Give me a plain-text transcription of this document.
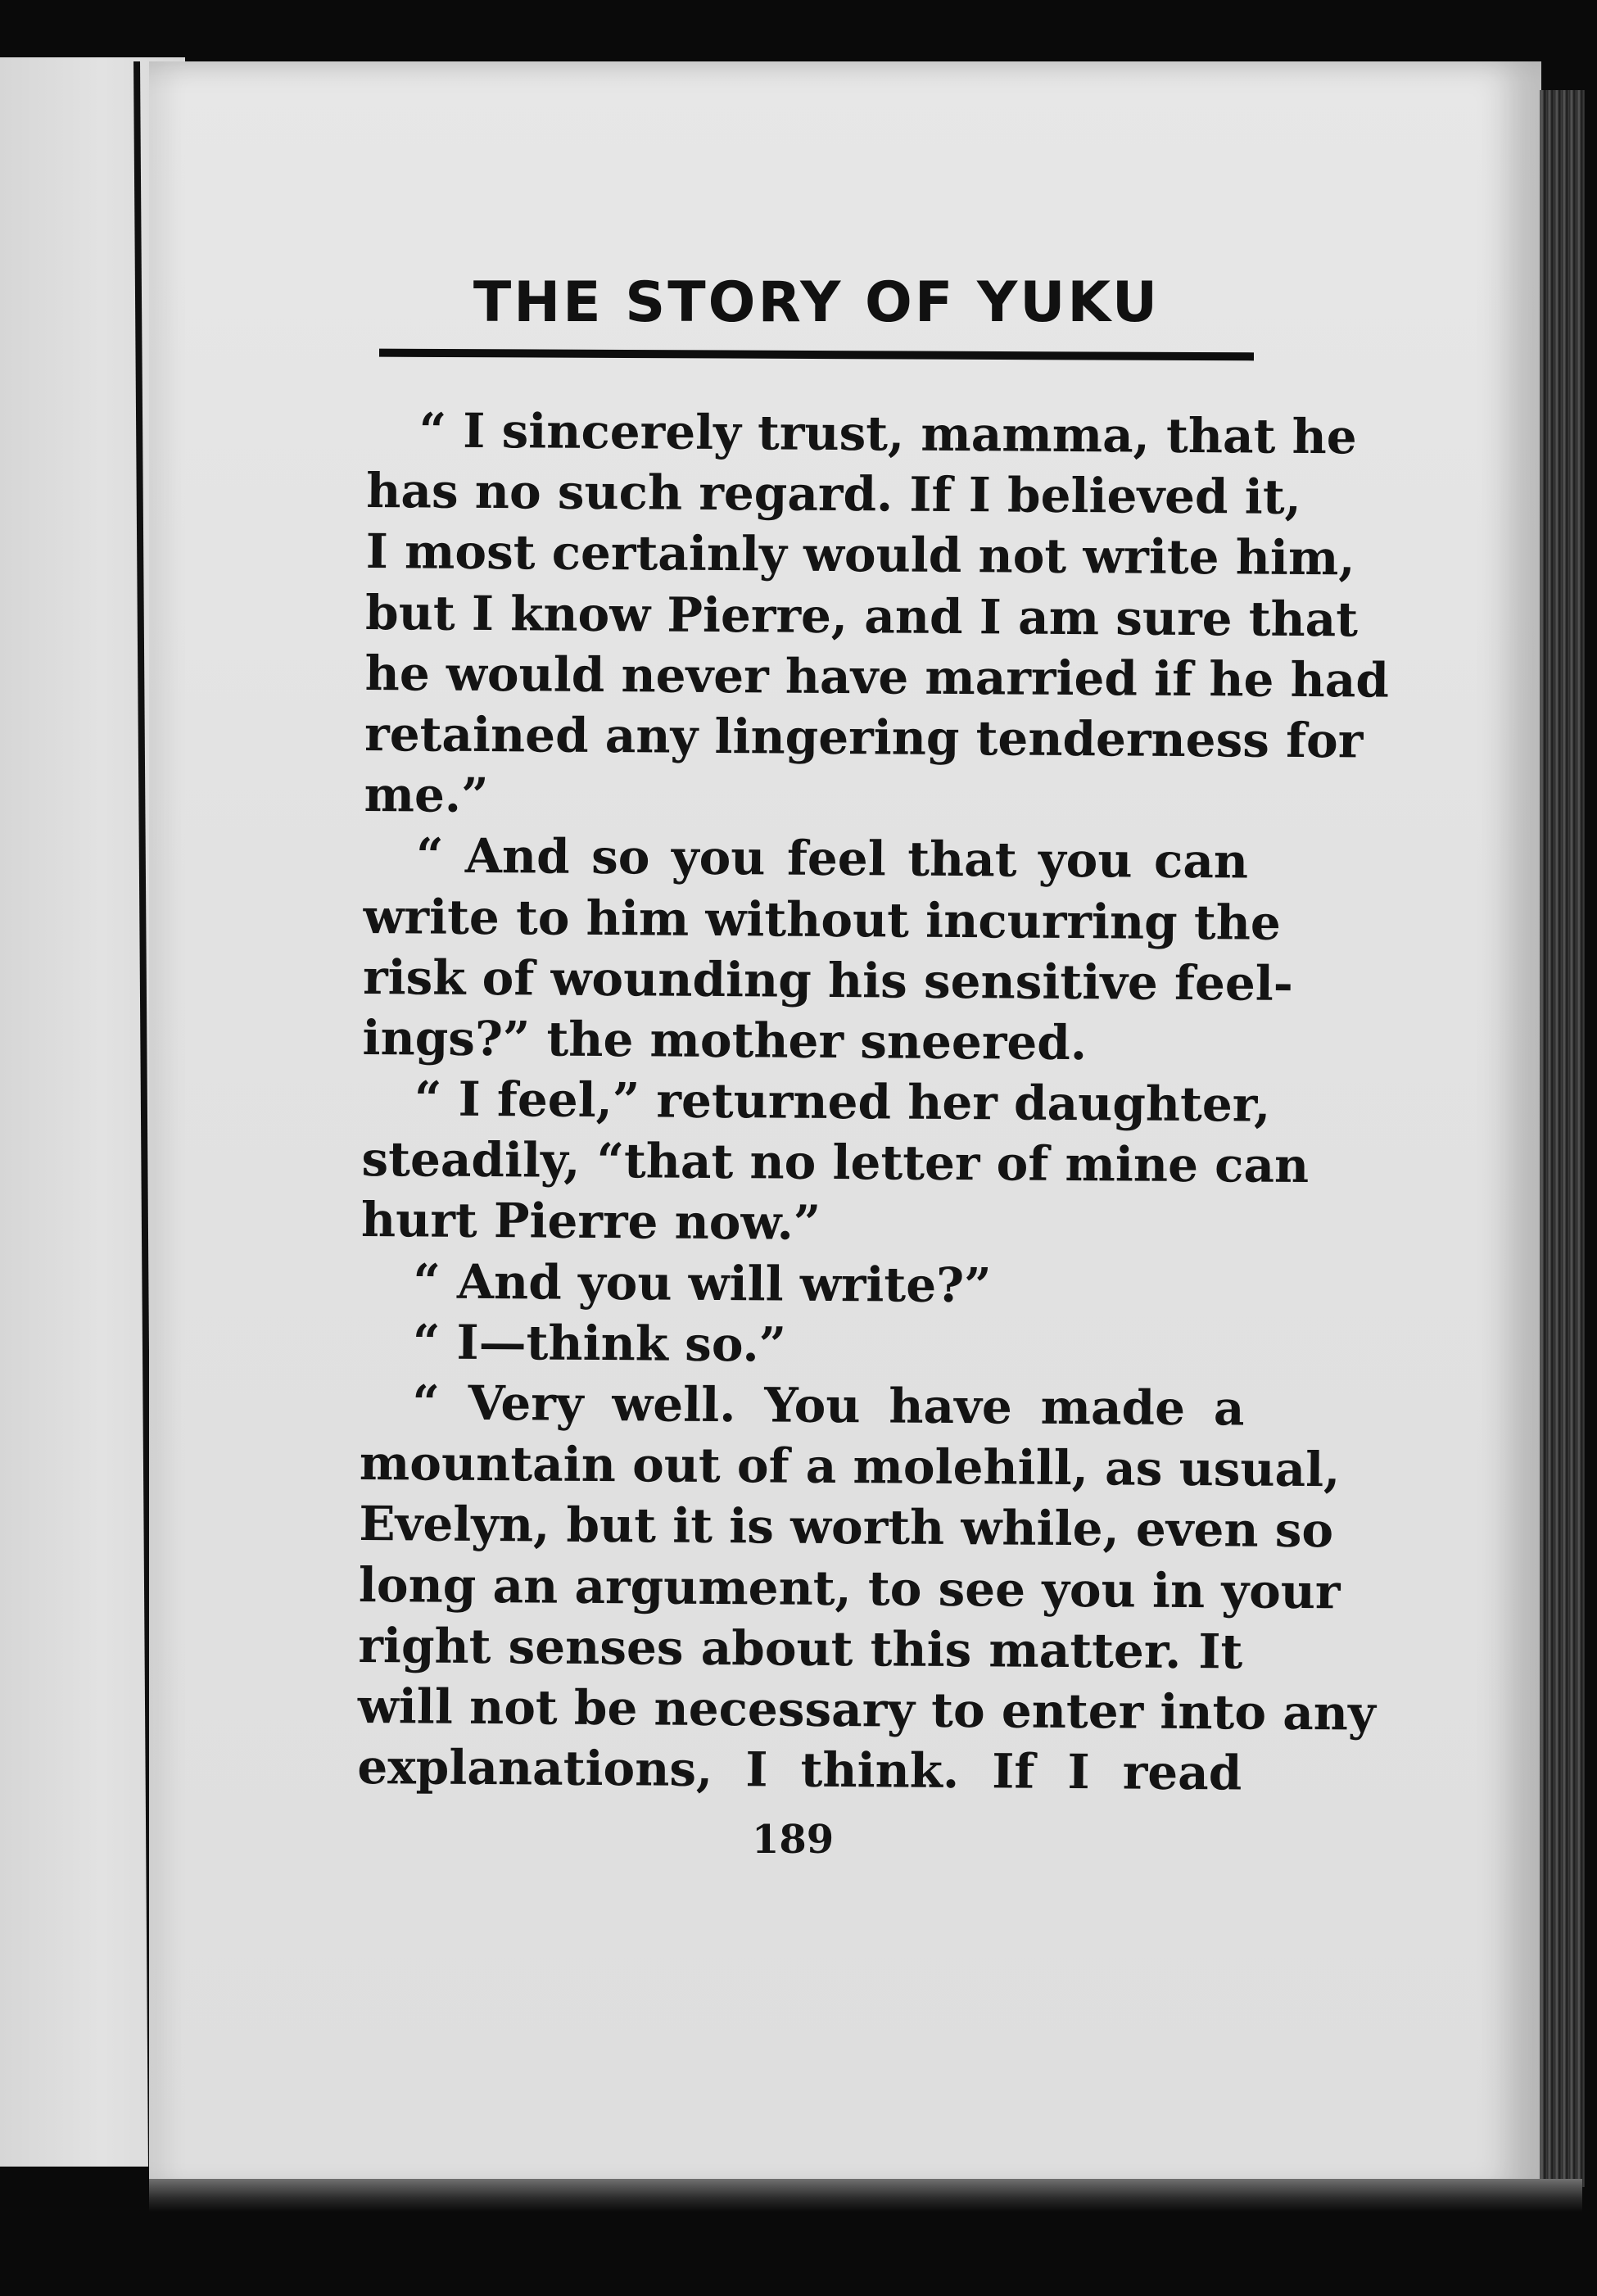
THE STORY OF YUKU
“ I sincerely trust, mamma, that he
has no such regard. If I believed it,
I most certainly would not write him,
but I know Pierre, and I am sure that
he would never have married if he had
retained any lingering tenderness for
me.”
“ And so you feel that you can
write to him without incurring the
risk of wounding his sensitive feel-
ings?” the mother sneered.
“ I feel,” returned her daughter,
steadily, “that no letter of mine can
hurt Pierre now.”
“ And you will write?”
“ I—think so.”
“ Very well. You have made a
mountain out of a molehill, as usual,
Evelyn, but it is worth while, even so
long an argument, to see you in your
right senses about this matter. It
will not be necessary to enter into any
explanations, I think. If I read
189
